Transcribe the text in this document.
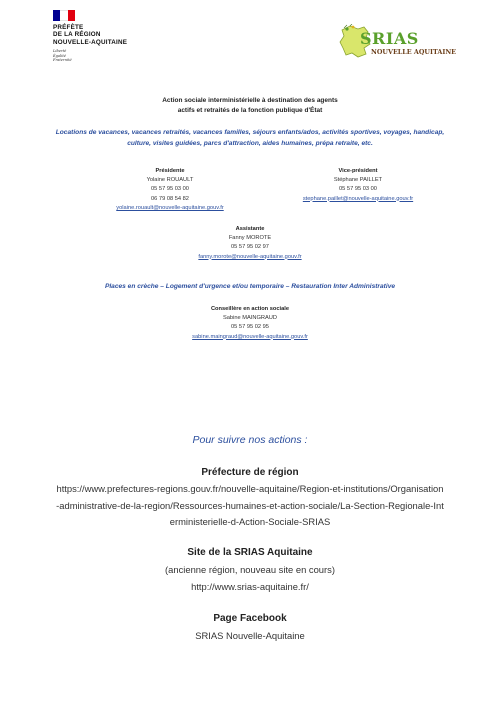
PRÉFÈTE
DE LA RÉGION
NOUVELLE-AQUITAINE
Liberté
Égalité
Fraternité
SRIAS
NOUVELLE AQUITAINE
Action sociale interministérielle à destination des agents
actifs et retraités de la fonction publique d'État
Locations de vacances, vacances retraités, vacances familles, séjours enfants/ados, activités sportives, voyages, handicap, culture, visites guidées, parcs d'attraction, aides humaines, prépa retraite, etc.
Présidente
Yolaine ROUAULT
05 57 95 03 00
06 79 08 54 82
yolaine.rouault@nouvelle-aquitaine.gouv.fr
Vice-président
Stéphane PAILLET
05 57 95 03 00
stephane.paillet@nouvelle-aquitaine.gouv.fr
Assistante
Fanny MOROTE
05 57 95 02 97
fanny.morote@nouvelle-aquitaine.gouv.fr
Places en crèche – Logement d'urgence et/ou temporaire – Restauration Inter Administrative
Conseillère en action sociale
Sabine MAINGRAUD
05 57 95 02 95
sabine.maingraud@nouvelle-aquitaine.gouv.fr
Pour suivre nos actions :
Préfecture de région
https://www.prefectures-regions.gouv.fr/nouvelle-aquitaine/Region-et-institutions/Organisation-administrative-de-la-region/Ressources-humaines-et-action-sociale/La-Section-Regionale-Interministerielle-d-Action-Sociale-SRIAS
Site de la SRIAS Aquitaine
(ancienne région, nouveau site en cours)
http://www.srias-aquitaine.fr/
Page Facebook
SRIAS Nouvelle-Aquitaine
